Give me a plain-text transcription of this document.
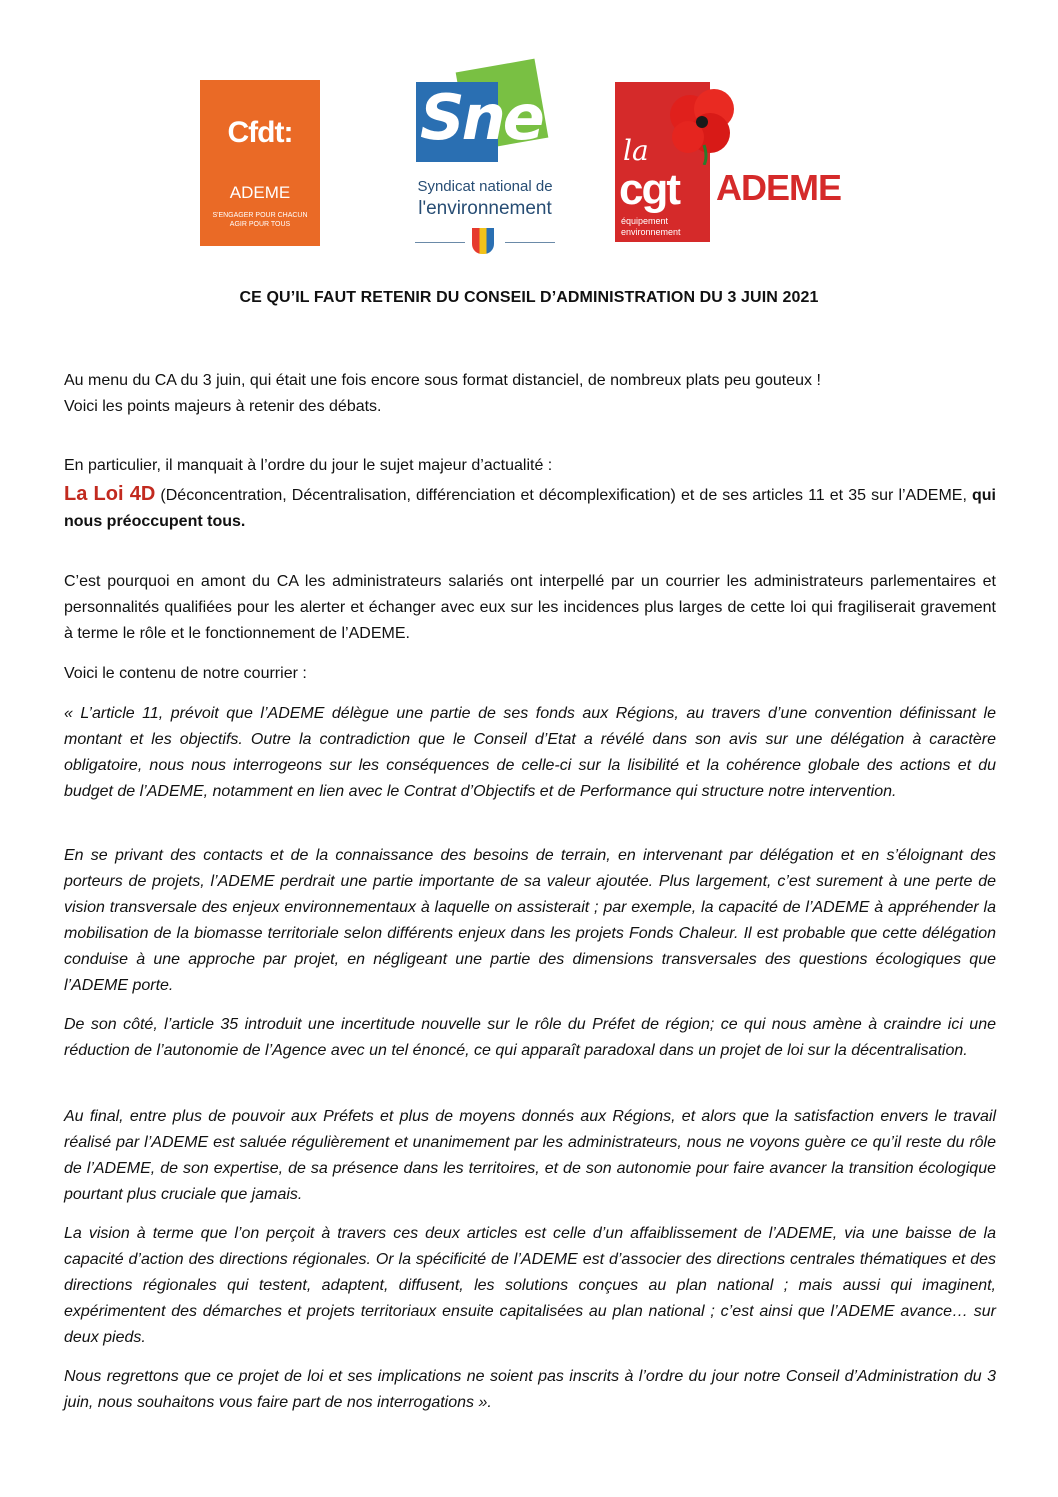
Cfdt:
ADEME
S'ENGAGER POUR CHACUN
AGIR POUR TOUS
Sne
Syndicat national de
l'environnement
la
cgt
équipement
environnement
ADEME
CE QU’IL FAUT RETENIR DU CONSEIL D’ADMINISTRATION DU 3 JUIN 2021

Au menu du CA du 3 juin, qui était une fois encore sous format distanciel, de nombreux plats peu gouteux !

Voici les points majeurs à retenir des débats.

En particulier, il manquait à l’ordre du jour le sujet majeur d’actualité :

La Loi 4D (Déconcentration, Décentralisation, différenciation et décomplexification) et de ses articles 11 et 35 sur l’ADEME, qui nous préoccupent tous.

C’est pourquoi en amont du CA les administrateurs salariés ont interpellé par un courrier les administrateurs parlementaires et personnalités qualifiées pour les alerter et échanger avec eux sur les incidences plus larges de cette loi qui fragiliserait gravement à terme le rôle et le fonctionnement de l’ADEME.
Voici le contenu de notre courrier :
« L’article 11, prévoit que l’ADEME délègue une partie de ses fonds aux Régions, au travers d’une convention définissant le montant et les objectifs. Outre la contradiction que le Conseil d’Etat a révélé dans son avis sur une délégation à caractère obligatoire, nous nous interrogeons sur les conséquences de celle-ci sur la lisibilité et la cohérence globale des actions et du budget de l’ADEME, notamment en lien avec le Contrat d’Objectifs et de Performance qui structure notre intervention.
En se privant des contacts et de la connaissance des besoins de terrain, en intervenant par délégation et en s’éloignant des porteurs de projets, l’ADEME perdrait une partie importante de sa valeur ajoutée. Plus largement, c’est surement à une perte de vision transversale des enjeux environnementaux à laquelle on assisterait ; par exemple, la capacité de l’ADEME à appréhender la mobilisation de la biomasse territoriale selon différents enjeux dans les projets Fonds Chaleur. Il est probable que cette délégation conduise à une approche par projet, en négligeant une partie des dimensions transversales des questions écologiques que l’ADEME porte.
De son côté, l’article 35 introduit une incertitude nouvelle sur le rôle du Préfet de région; ce qui nous amène à craindre ici une réduction de l’autonomie de l’Agence avec un tel énoncé, ce qui apparaît paradoxal dans un projet de loi sur la décentralisation.
Au final, entre plus de pouvoir aux Préfets et plus de moyens donnés aux Régions, et alors que la satisfaction envers le travail réalisé par l’ADEME est saluée régulièrement et unanimement par les administrateurs, nous ne voyons guère ce qu’il reste du rôle de l’ADEME, de son expertise, de sa présence dans les territoires, et de son autonomie pour faire avancer la transition écologique pourtant plus cruciale que jamais.
La vision à terme que l’on perçoit à travers ces deux articles est celle d’un affaiblissement de l’ADEME, via une baisse de la capacité d’action des directions régionales. Or la spécificité de l’ADEME est d’associer des directions centrales thématiques et des directions régionales qui testent, adaptent, diffusent, les solutions conçues au plan national ; mais aussi qui imaginent, expérimentent des démarches et projets territoriaux ensuite capitalisées au plan national ; c’est ainsi que l’ADEME avance… sur deux pieds.
Nous regrettons que ce projet de loi et ses implications ne soient pas inscrits à l’ordre du jour notre Conseil d’Administration du 3 juin, nous souhaitons vous faire part de nos interrogations ».
